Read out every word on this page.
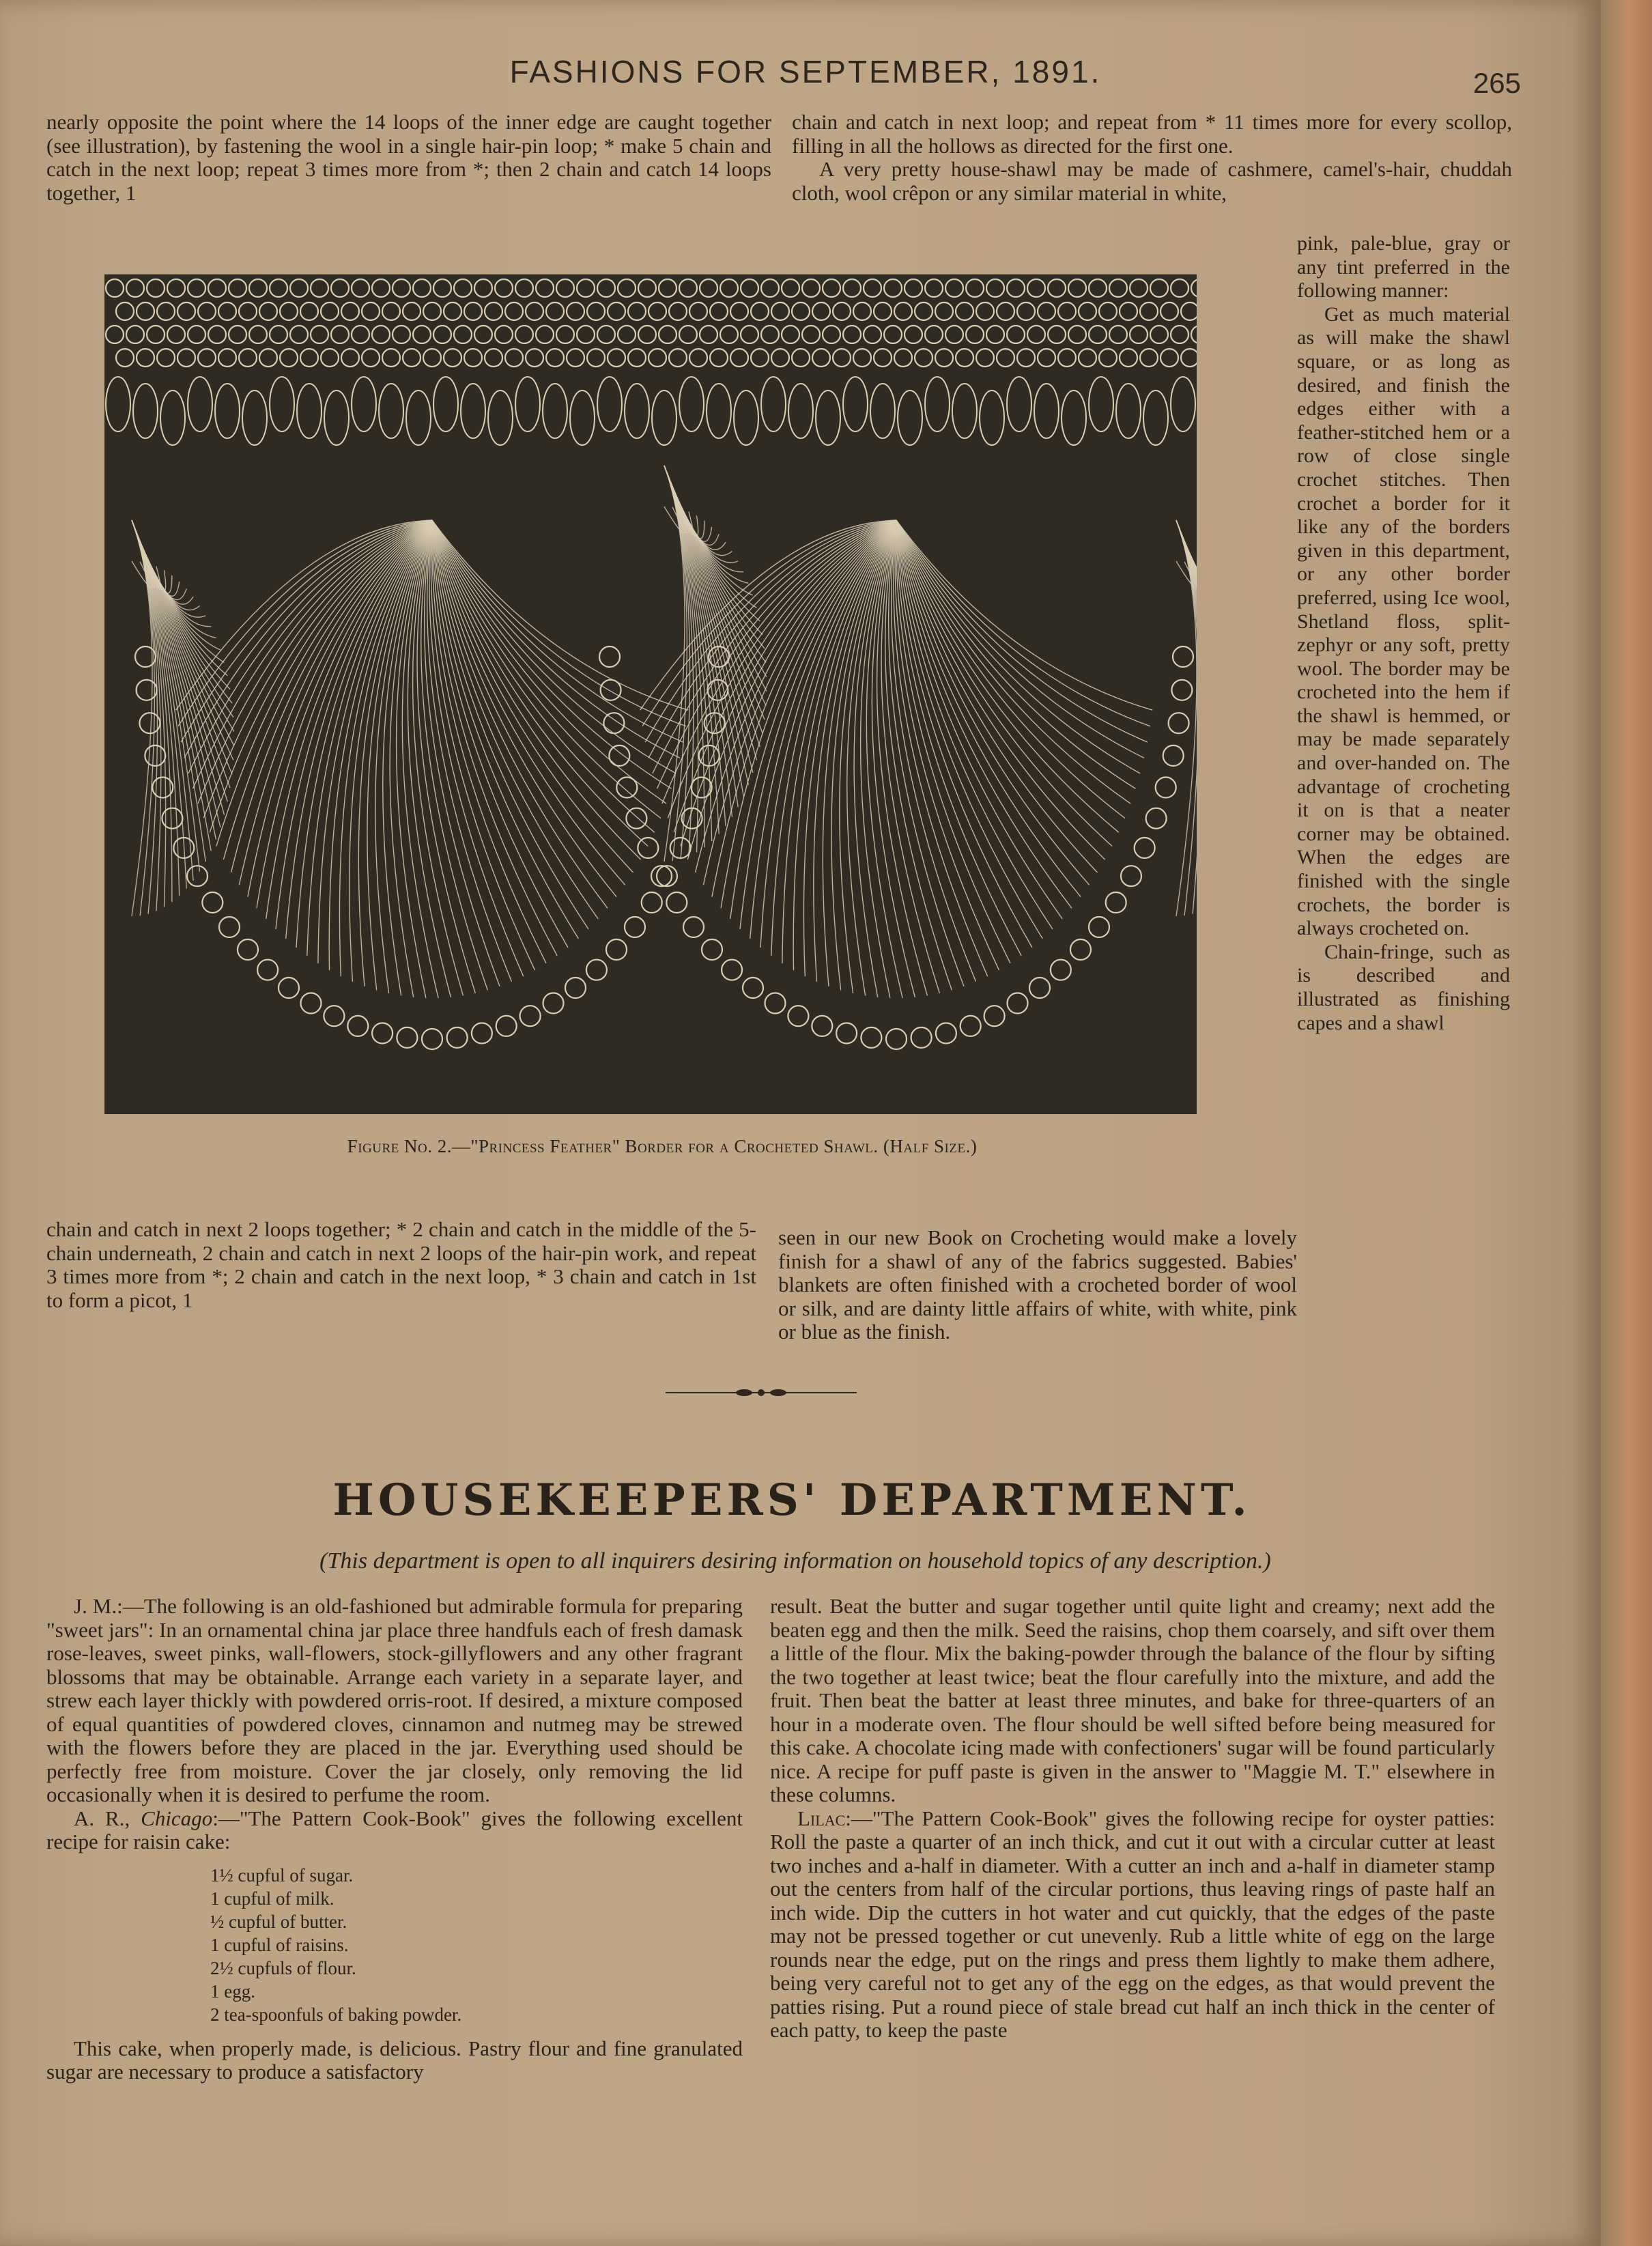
FASHIONS FOR SEPTEMBER, 1891.	265

nearly opposite the point where the 14 loops of the inner edge are caught together (see illustration), by fastening the wool in a single hair-pin loop; * make 5 chain and catch in the next loop; repeat 3 times more from *; then 2 chain and catch 14 loops together, 1

chain and catch in next loop; and repeat from * 11 times more for every scollop, filling in all the hollows as directed for the first one.

A very pretty house-shawl may be made of cashmere, camel's-hair, chuddah cloth, wool crêpon or any similar material in white,

pink, pale-blue, gray or any tint preferred in the following manner:

Get as much material as will make the shawl square, or as long as desired, and finish the edges either with a feather-stitched hem or a row of close single crochet stitches. Then crochet a border for it like any of the borders given in this department, or any other border preferred, using Ice wool, Shetland floss, split-zephyr or any soft, pretty wool. The border may be crocheted into the hem if the shawl is hemmed, or may be made separately and over-handed on. The advantage of crocheting it on is that a neater corner may be obtained. When the edges are finished with the single crochets, the border is always crocheted on.

Chain-fringe, such as is described and illustrated as finishing capes and a shawl

Figure No. 2.—"Princess Feather" Border for a Crocheted Shawl. (Half Size.)

chain and catch in next 2 loops together; * 2 chain and catch in the middle of the 5-chain underneath, 2 chain and catch in next 2 loops of the hair-pin work, and repeat 3 times more from *; 2 chain and catch in the next loop, * 3 chain and catch in 1st to form a picot, 1

seen in our new Book on Crocheting would make a lovely finish for a shawl of any of the fabrics suggested. Babies' blankets are often finished with a crocheted border of wool or silk, and are dainty little affairs of white, with white, pink or blue as the finish.

HOUSEKEEPERS' DEPARTMENT.
(This department is open to all inquirers desiring information on household topics of any description.)

J. M.:—The following is an old-fashioned but admirable formula for preparing "sweet jars": In an ornamental china jar place three handfuls each of fresh damask rose-leaves, sweet pinks, wall-flowers, stock-gillyflowers and any other fragrant blossoms that may be obtainable. Arrange each variety in a separate layer, and strew each layer thickly with powdered orris-root. If desired, a mixture composed of equal quantities of powdered cloves, cinnamon and nutmeg may be strewed with the flowers before they are placed in the jar. Everything used should be perfectly free from moisture. Cover the jar closely, only removing the lid occasionally when it is desired to perfume the room.

A. R., Chicago:—"The Pattern Cook-Book" gives the following excellent recipe for raisin cake:

1½ cupful of sugar.
1 cupful of milk.
½ cupful of butter.
1 cupful of raisins.
2½ cupfuls of flour.
1 egg.
2 tea-spoonfuls of baking powder.

This cake, when properly made, is delicious. Pastry flour and fine granulated sugar are necessary to produce a satisfactory

result. Beat the butter and sugar together until quite light and creamy; next add the beaten egg and then the milk. Seed the raisins, chop them coarsely, and sift over them a little of the flour. Mix the baking-powder through the balance of the flour by sifting the two together at least twice; beat the flour carefully into the mixture, and add the fruit. Then beat the batter at least three minutes, and bake for three-quarters of an hour in a moderate oven. The flour should be well sifted before being measured for this cake. A chocolate icing made with confectioners' sugar will be found particularly nice. A recipe for puff paste is given in the answer to "Maggie M. T." elsewhere in these columns.

Lilac:—"The Pattern Cook-Book" gives the following recipe for oyster patties: Roll the paste a quarter of an inch thick, and cut it out with a circular cutter at least two inches and a-half in diameter. With a cutter an inch and a-half in diameter stamp out the centers from half of the circular portions, thus leaving rings of paste half an inch wide. Dip the cutters in hot water and cut quickly, that the edges of the paste may not be pressed together or cut unevenly. Rub a little white of egg on the large rounds near the edge, put on the rings and press them lightly to make them adhere, being very careful not to get any of the egg on the edges, as that would prevent the patties rising. Put a round piece of stale bread cut half an inch thick in the center of each patty, to keep the paste
